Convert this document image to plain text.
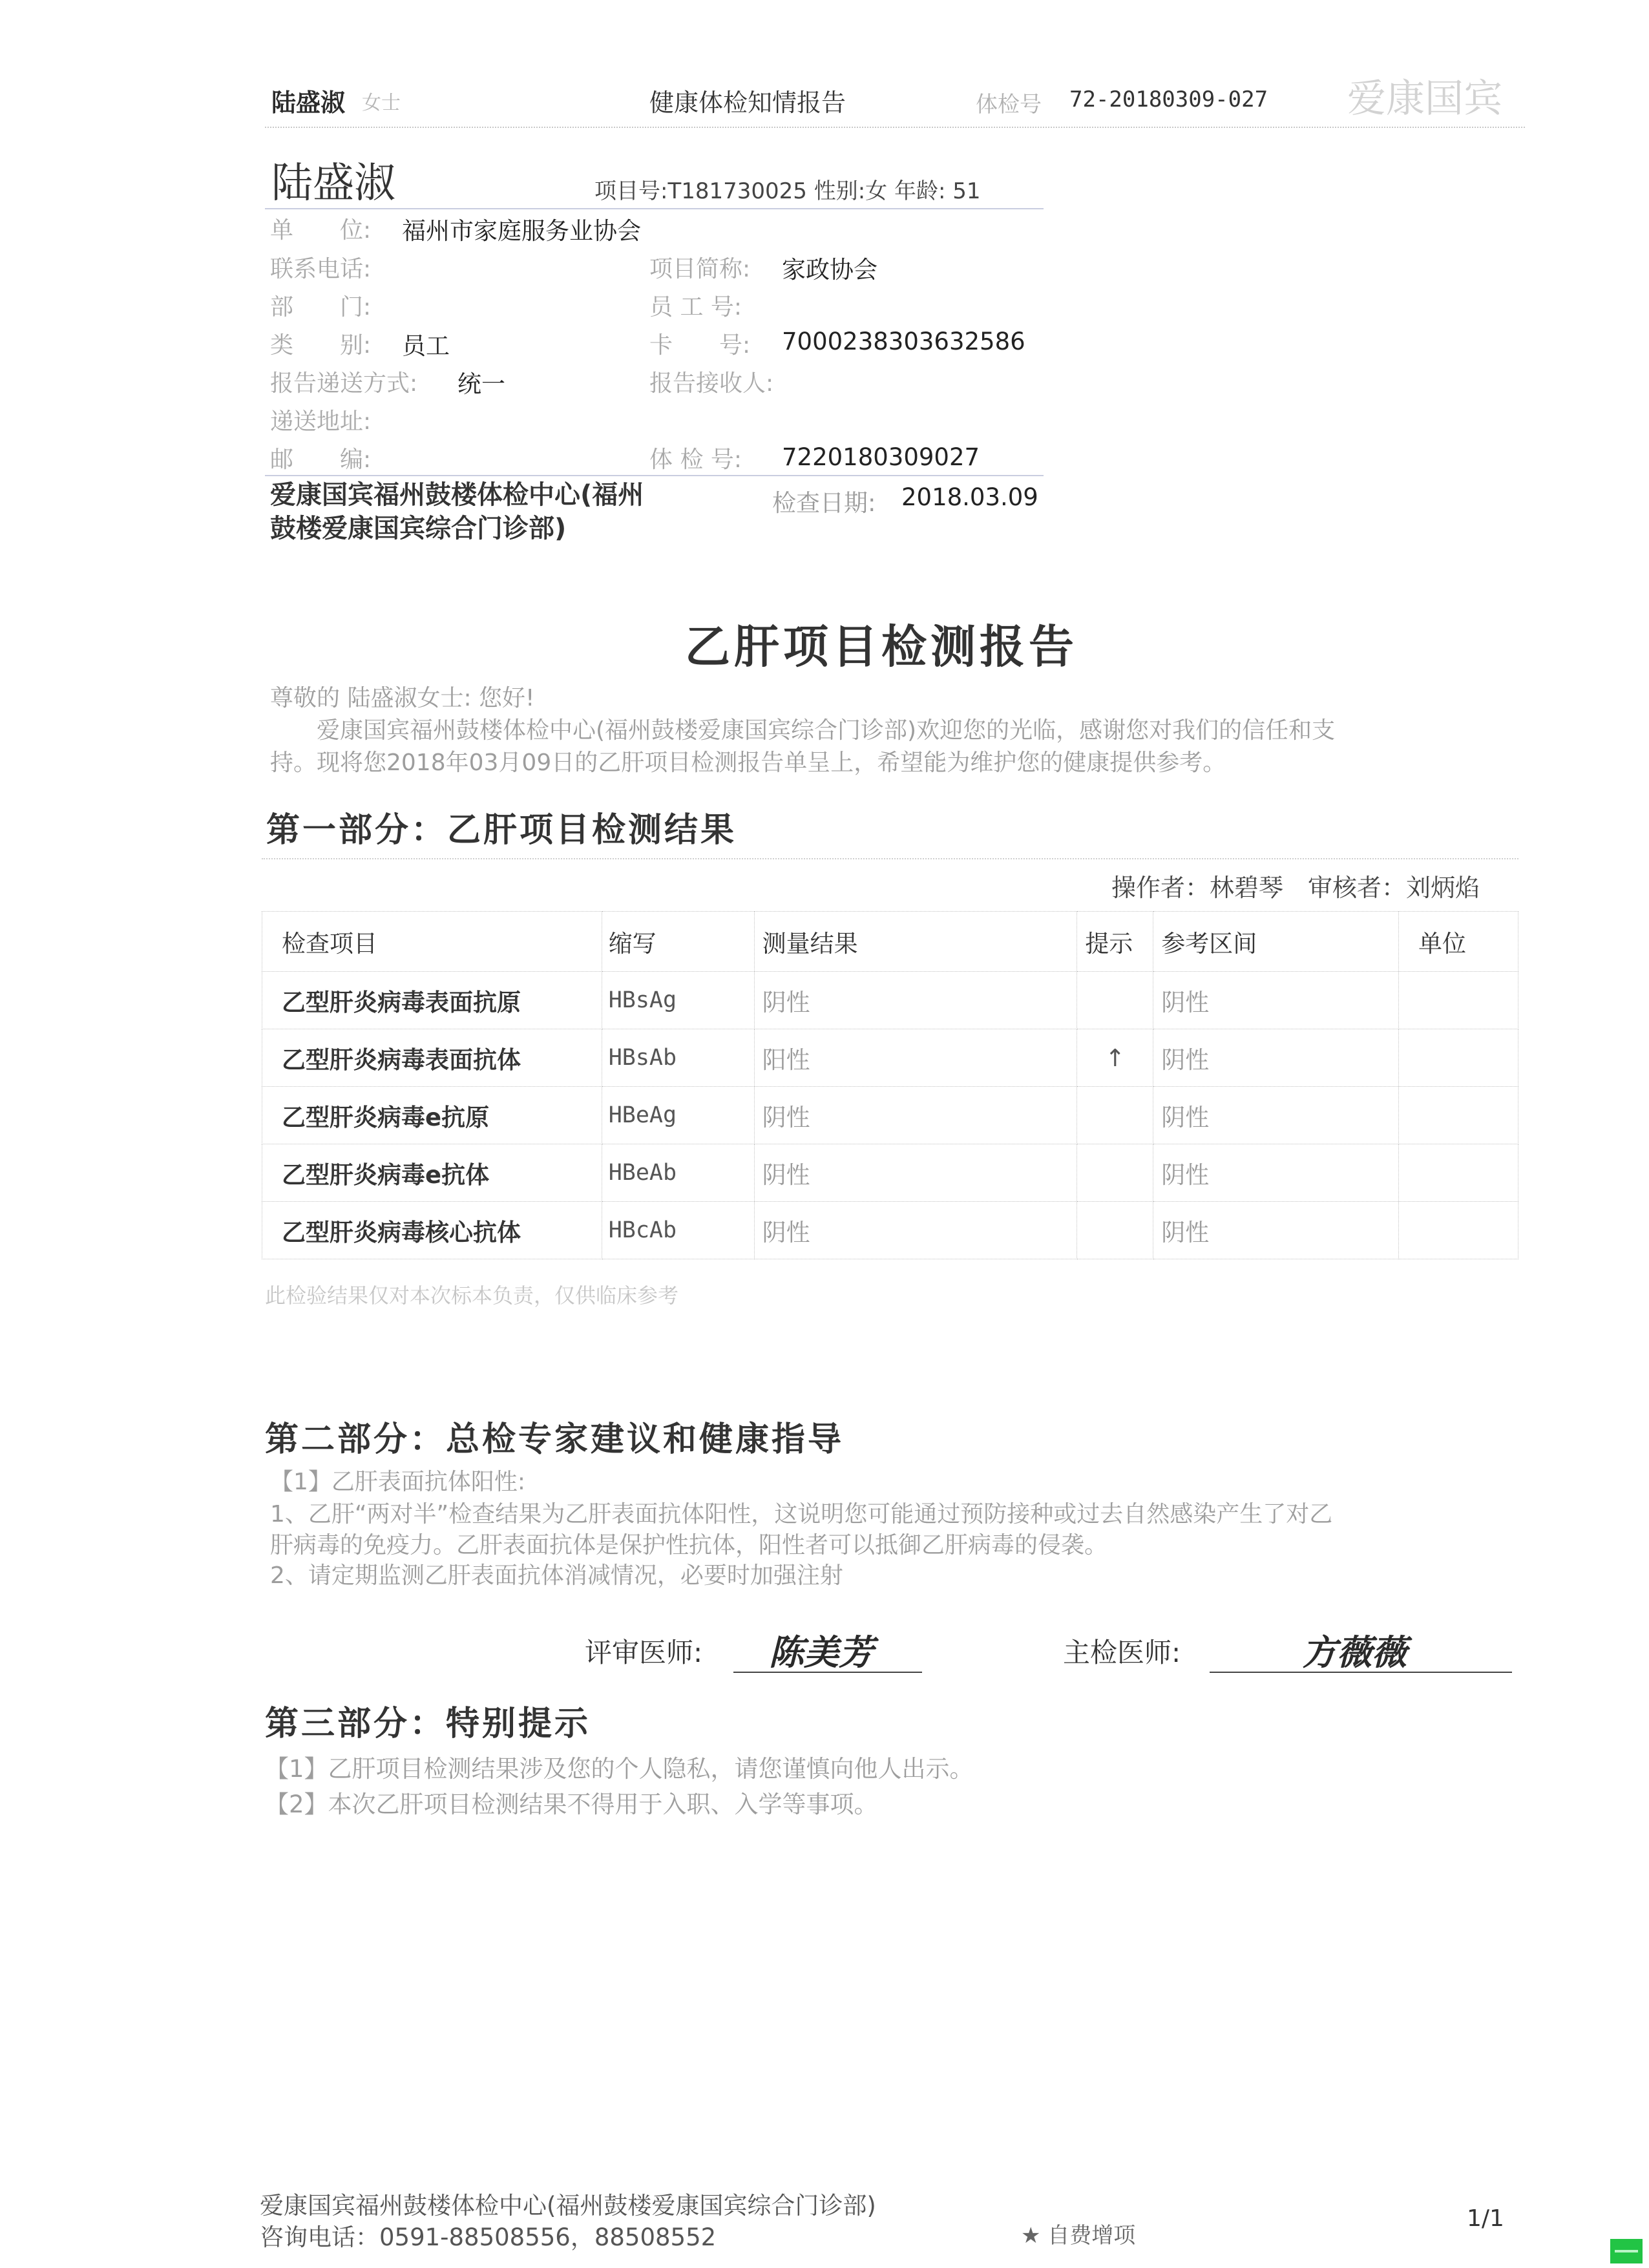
陆盛淑 女士	健康体检知情报告	体检号 72-20180309-027 爱康国宾
陆盛淑	项目号:T181730025 性别:女 年龄: 51
单　　位: 福州市家庭服务业协会
联系电话:	项目简称: 家政协会
部　　门:	员 工 号:
类　　别: 员工	卡　　号: 7000238303632586
报告递送方式: 统一	报告接收人:
递送地址:
邮　　编:	体 检 号: 7220180309027
爱康国宾福州鼓楼体检中心(福州鼓楼爱康国宾综合门诊部)
检查日期: 2018.03.09
乙肝项目检测报告
尊敬的 陆盛淑女士: 您好!
爱康国宾福州鼓楼体检中心(福州鼓楼爱康国宾综合门诊部)欢迎您的光临，感谢您对我们的信任和支
持。现将您2018年03月09日的乙肝项目检测报告单呈上，希望能为维护您的健康提供参考。
第一部分：乙肝项目检测结果
操作者：林碧琴　审核者：刘炳焰
检查项目	缩写	测量结果	提示	参考区间	单位
乙型肝炎病毒表面抗原	HBsAg	阴性		阴性	
乙型肝炎病毒表面抗体	HBsAb	阳性	↑	阴性	
乙型肝炎病毒e抗原	HBeAg	阴性		阴性	
乙型肝炎病毒e抗体	HBeAb	阴性		阴性	
乙型肝炎病毒核心抗体	HBcAb	阴性		阴性	
此检验结果仅对本次标本负责，仅供临床参考
第二部分：总检专家建议和健康指导
【1】乙肝表面抗体阳性:
1、乙肝“两对半”检查结果为乙肝表面抗体阳性，这说明您可能通过预防接种或过去自然感染产生了对乙
肝病毒的免疫力。乙肝表面抗体是保护性抗体，阳性者可以抵御乙肝病毒的侵袭。
2、请定期监测乙肝表面抗体消减情况，必要时加强注射
评审医师: 陈美芳	主检医师:	方薇薇
第三部分：特别提示
【1】乙肝项目检测结果涉及您的个人隐私，请您谨慎向他人出示。
【2】本次乙肝项目检测结果不得用于入职、入学等事项。
爱康国宾福州鼓楼体检中心(福州鼓楼爱康国宾综合门诊部)
咨询电话：0591-88508556，88508552	★ 自费增项
1/1
